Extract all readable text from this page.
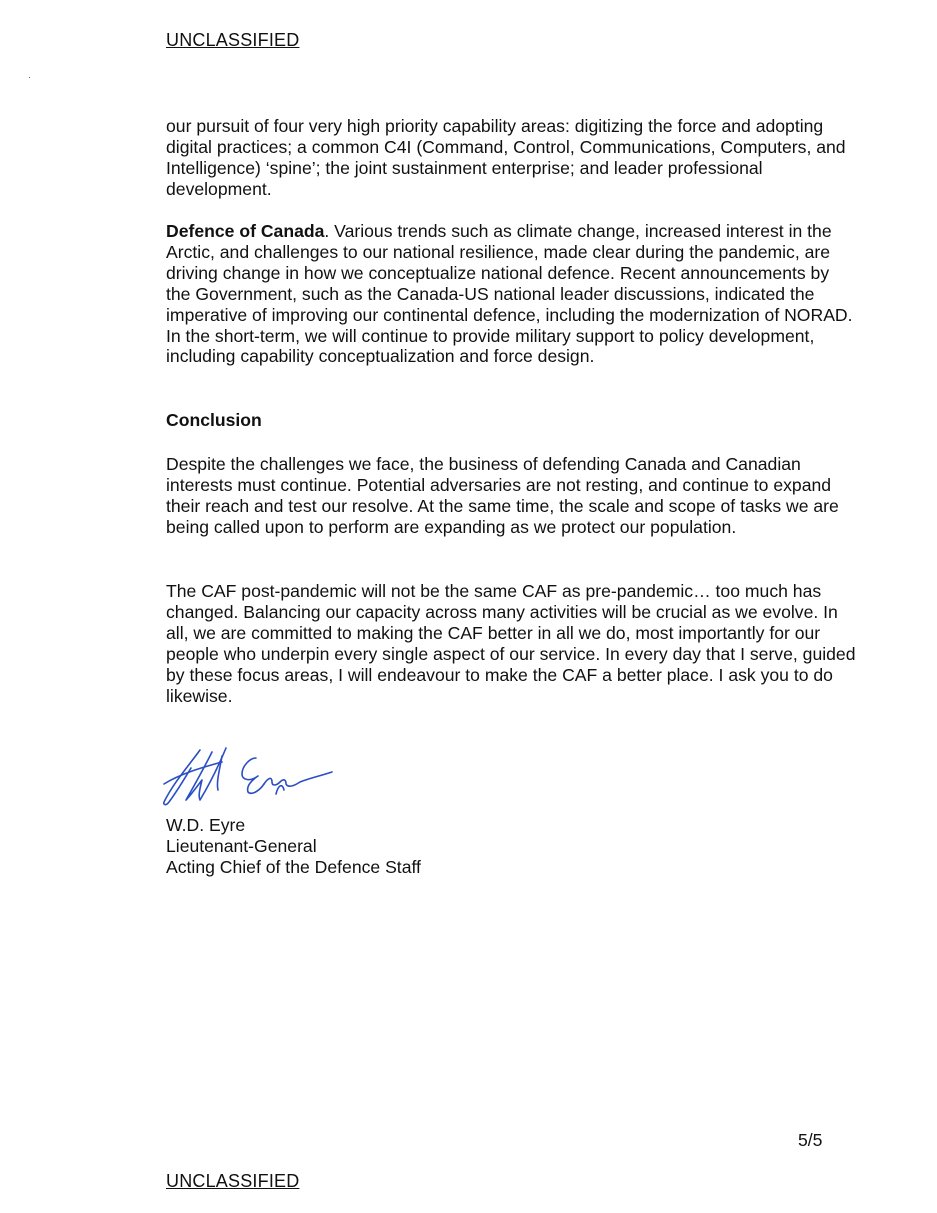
UNCLASSIFIED

our pursuit of four very high priority capability areas: digitizing the force and adopting digital practices; a common C4I (Command, Control, Communications, Computers, and Intelligence) ‘spine’; the joint sustainment enterprise; and leader professional development.

Defence of Canada. Various trends such as climate change, increased interest in the Arctic, and challenges to our national resilience, made clear during the pandemic, are driving change in how we conceptualize national defence. Recent announcements by the Government, such as the Canada-US national leader discussions, indicated the imperative of improving our continental defence, including the modernization of NORAD. In the short-term, we will continue to provide military support to policy development, including capability conceptualization and force design.

Conclusion

Despite the challenges we face, the business of defending Canada and Canadian interests must continue. Potential adversaries are not resting, and continue to expand their reach and test our resolve. At the same time, the scale and scope of tasks we are being called upon to perform are expanding as we protect our population.

The CAF post-pandemic will not be the same CAF as pre-pandemic… too much has changed. Balancing our capacity across many activities will be crucial as we evolve. In all, we are committed to making the CAF better in all we do, most importantly for our people who underpin every single aspect of our service. In every day that I serve, guided by these focus areas, I will endeavour to make the CAF a better place. I ask you to do likewise.

W.D. Eyre
Lieutenant-General
Acting Chief of the Defence Staff
5/5
UNCLASSIFIED
